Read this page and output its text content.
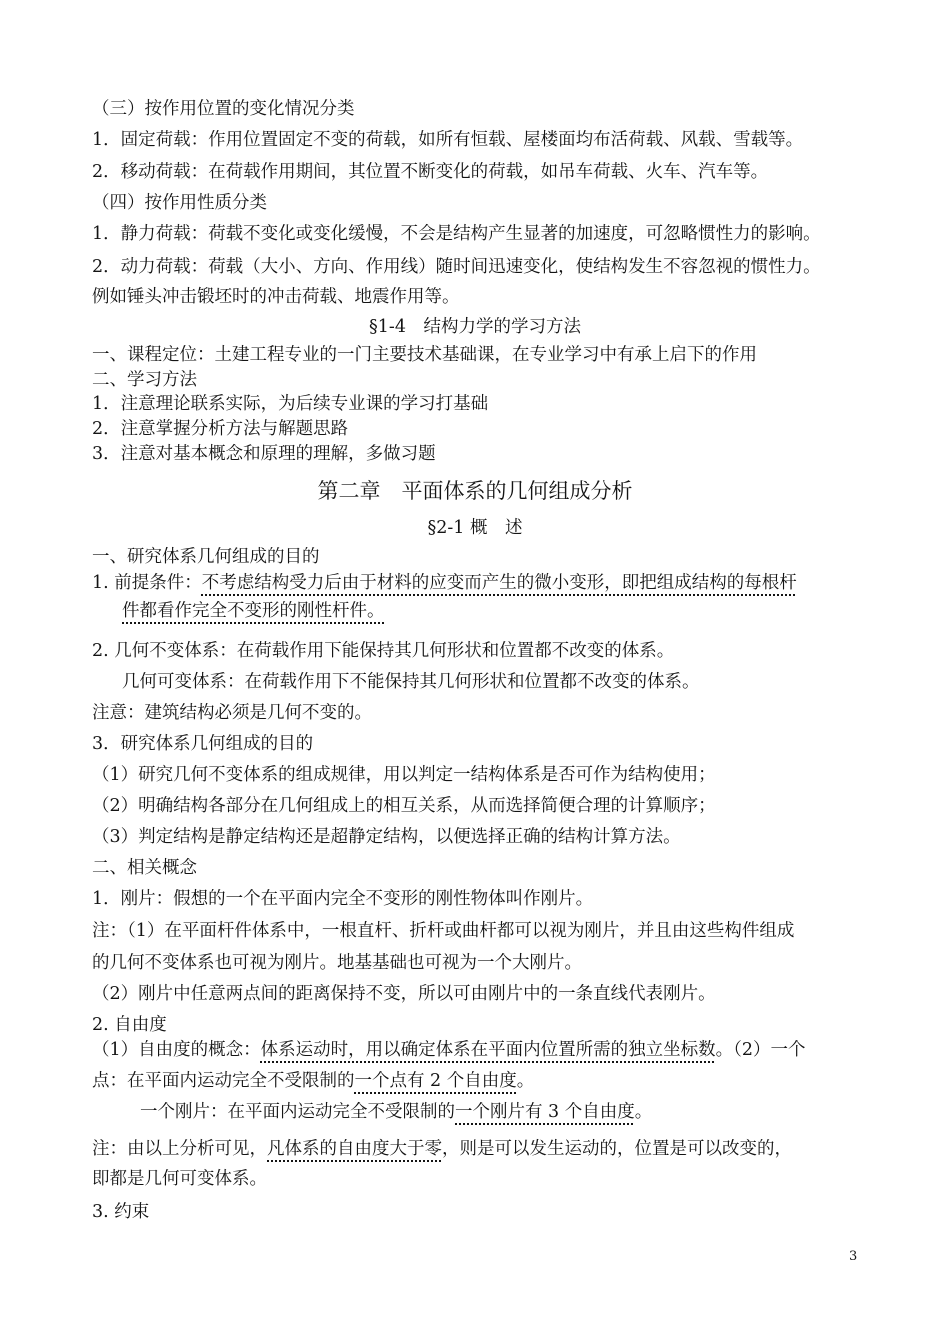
（三）按作用位置的变化情况分类

1．固定荷载：作用位置固定不变的荷载，如所有恒载、屋楼面均布活荷载、风载、雪载等。

2．移动荷载：在荷载作用期间，其位置不断变化的荷载，如吊车荷载、火车、汽车等。

（四）按作用性质分类

1．静力荷载：荷载不变化或变化缓慢，不会是结构产生显著的加速度，可忽略惯性力的影响。

2．动力荷载：荷载（大小、方向、作用线）随时间迅速变化，使结构发生不容忽视的惯性力。

例如锤头冲击锻坯时的冲击荷载、地震作用等。

§1-4　结构力学的学习方法

一、课程定位：土建工程专业的一门主要技术基础课，在专业学习中有承上启下的作用

二、学习方法

1．注意理论联系实际，为后续专业课的学习打基础

2．注意掌握分析方法与解题思路

3．注意对基本概念和原理的理解，多做习题

第二章　平面体系的几何组成分析

§2-1 概　述

一、研究体系几何组成的目的

1. 前提条件：不考虑结构受力后由于材料的应变而产生的微小变形，即把组成结构的每根杆

件都看作完全不变形的刚性杆件。

2. 几何不变体系：在荷载作用下能保持其几何形状和位置都不改变的体系。

几何可变体系：在荷载作用下不能保持其几何形状和位置都不改变的体系。

注意：建筑结构必须是几何不变的。

3．研究体系几何组成的目的

（1）研究几何不变体系的组成规律，用以判定一结构体系是否可作为结构使用；

（2）明确结构各部分在几何组成上的相互关系，从而选择简便合理的计算顺序；

（3）判定结构是静定结构还是超静定结构，以便选择正确的结构计算方法。

二、相关概念

1．刚片：假想的一个在平面内完全不变形的刚性物体叫作刚片。

注：（1）在平面杆件体系中，一根直杆、折杆或曲杆都可以视为刚片，并且由这些构件组成

的几何不变体系也可视为刚片。地基基础也可视为一个大刚片。

（2）刚片中任意两点间的距离保持不变，所以可由刚片中的一条直线代表刚片。

2. 自由度

（1）自由度的概念：体系运动时，用以确定体系在平面内位置所需的独立坐标数。（2）一个

点：在平面内运动完全不受限制的一个点有 2 个自由度。

一个刚片：在平面内运动完全不受限制的一个刚片有 3 个自由度。

注：由以上分析可见，凡体系的自由度大于零，则是可以发生运动的，位置是可以改变的，

即都是几何可变体系。

3. 约束

3
